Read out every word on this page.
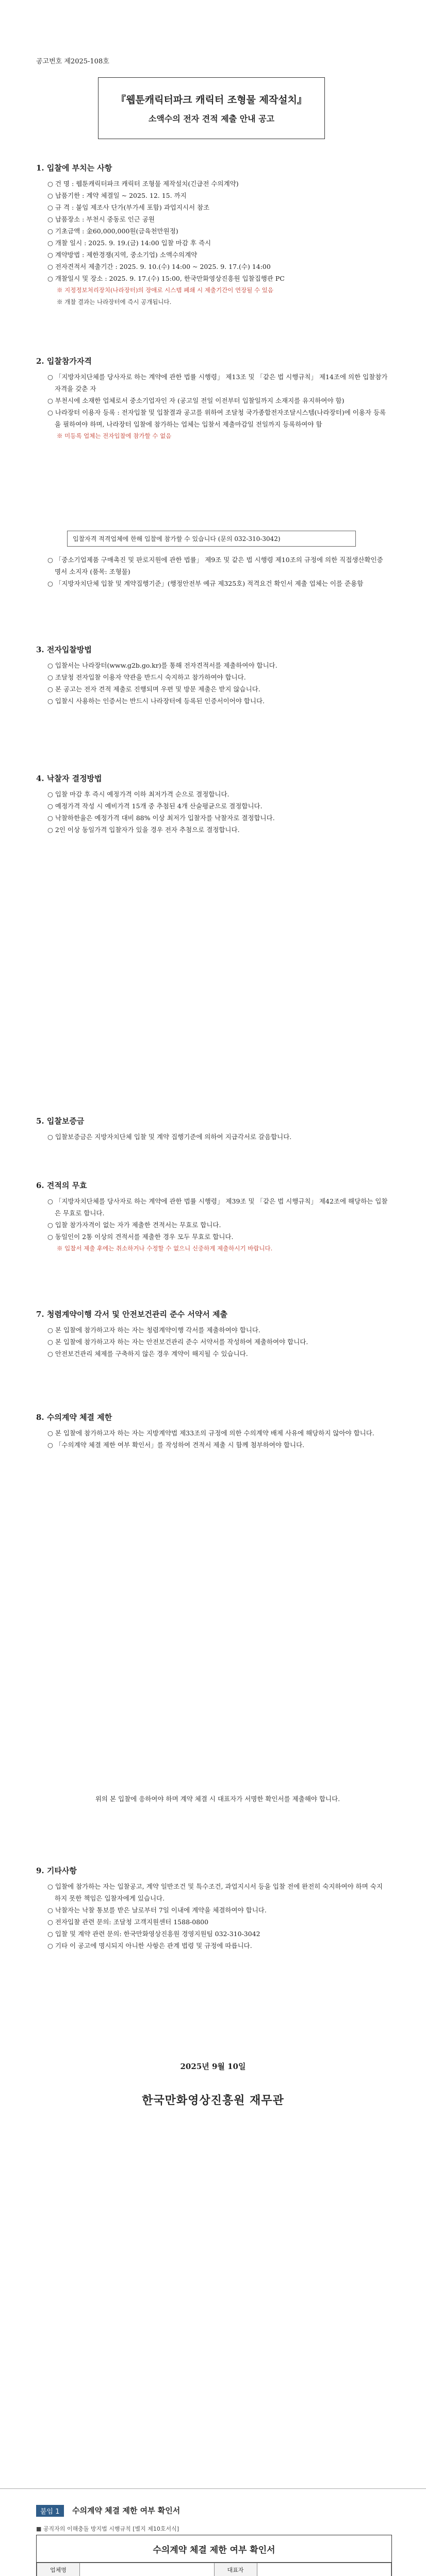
공고번호 제2025-108호
『웹툰캐릭터파크 캐릭터 조형물 제작설치』
소액수의 전자 견적 제출 안내 공고
1. 입찰에 부치는 사항

○ 건 명 : 웹툰캐릭터파크 캐릭터 조형물 제작설치(긴급전 수의계약)

○ 납품기한 : 계약 체결일 ~ 2025. 12. 15. 까지

○ 규 격 : 붙임 제조사 단가(부가세 포함) 과업지시서 참조

○ 납품장소 : 부천시 중동로 인근 공원

○ 기초금액 : 金60,000,000원(금육천만원정)

○ 개찰 일시 : 2025. 9. 19.(금) 14:00 입찰 마감 후 즉시

○ 계약방법 : 제한경쟁(지역, 중소기업) 소액수의계약

○ 전자견적서 제출기간 : 2025. 9. 10.(수) 14:00 ~ 2025. 9. 17.(수) 14:00

○ 개찰일시 및 장소 : 2025. 9. 17.(수) 15:00, 한국만화영상진흥원 입찰집행관 PC

※ 지정정보처리장치(나라장터)의 장애로 시스템 폐쇄 시 제출기간이 연장될 수 있음

※ 개찰 결과는 나라장터에 즉시 공개됩니다.

2. 입찰참가자격

○ 「지방자치단체를 당사자로 하는 계약에 관한 법률 시행령」 제13조 및 「같은 법 시행규칙」 제14조에 의한 입찰참가 자격을 갖춘 자

○ 부천시에 소재한 업체로서 중소기업자인 자 (공고일 전일 이전부터 입찰일까지 소재지를 유지하여야 함)

○ 나라장터 이용자 등록 : 전자입찰 및 입찰결과 공고를 위하여 조달청 국가종합전자조달시스템(나라장터)에 이용자 등록을 필하여야 하며, 나라장터 입찰에 참가하는 업체는 입찰서 제출마감일 전일까지 등록하여야 함

※ 미등록 업체는 전자입찰에 참가할 수 없음

입찰자격 적격업체에 한해 입찰에 참가할 수 있습니다 (문의 032-310-3042)

○ 「중소기업제품 구매촉진 및 판로지원에 관한 법률」 제9조 및 같은 법 시행령 제10조의 규정에 의한 직접생산확인증명서 소지자 (품목: 조형물)

○ 「지방자치단체 입찰 및 계약집행기준」(행정안전부 예규 제325호) 적격요건 확인서 제출 업체는 이를 준용함

3. 전자입찰방법

○ 입찰서는 나라장터(www.g2b.go.kr)를 통해 전자견적서를 제출하여야 합니다.

○ 조달청 전자입찰 이용자 약관을 반드시 숙지하고 참가하여야 합니다.

○ 본 공고는 전자 견적 제출로 진행되며 우편 및 방문 제출은 받지 않습니다.

○ 입찰시 사용하는 인증서는 반드시 나라장터에 등록된 인증서이어야 합니다.

4. 낙찰자 결정방법

○ 입찰 마감 후 즉시 예정가격 이하 최저가격 순으로 결정합니다.

○ 예정가격 작성 시 예비가격 15개 중 추첨된 4개 산술평균으로 결정합니다.

○ 낙찰하한율은 예정가격 대비 88% 이상 최저가 입찰자를 낙찰자로 결정합니다.

○ 2인 이상 동일가격 입찰자가 있을 경우 전자 추첨으로 결정합니다.

5. 입찰보증금

○ 입찰보증금은 지방자치단체 입찰 및 계약 집행기준에 의하여 지급각서로 갈음합니다.

6. 견적의 무효

○ 「지방자치단체를 당사자로 하는 계약에 관한 법률 시행령」 제39조 및 「같은 법 시행규칙」 제42조에 해당하는 입찰은 무효로 합니다.

○ 입찰 참가자격이 없는 자가 제출한 견적서는 무효로 합니다.

○ 동일인이 2통 이상의 견적서를 제출한 경우 모두 무효로 합니다.

※ 입찰서 제출 후에는 취소하거나 수정할 수 없으니 신중하게 제출하시기 바랍니다.

7. 청렴계약이행 각서 및 안전보건관리 준수 서약서 제출

○ 본 입찰에 참가하고자 하는 자는 청렴계약이행 각서를 제출하여야 합니다.

○ 본 입찰에 참가하고자 하는 자는 안전보건관리 준수 서약서를 작성하여 제출하여야 합니다.

○ 안전보건관리 체제를 구축하지 않은 경우 계약이 해지될 수 있습니다.

8. 수의계약 체결 제한

○ 본 입찰에 참가하고자 하는 자는 지방계약법 제33조의 규정에 의한 수의계약 배제 사유에 해당하지 않아야 합니다.

○ 「수의계약 체결 제한 여부 확인서」를 작성하여 견적서 제출 시 함께 첨부하여야 합니다.

위의 본 입찰에 응하여야 하며 계약 체결 시 대표자가 서명한 확인서를 제출해야 합니다.

9. 기타사항

○ 입찰에 참가하는 자는 입찰공고, 계약 일반조건 및 특수조건, 과업지시서 등을 입찰 전에 완전히 숙지하여야 하며 숙지하지 못한 책임은 입찰자에게 있습니다.

○ 낙찰자는 낙찰 통보를 받은 날로부터 7일 이내에 계약을 체결하여야 합니다.

○ 전자입찰 관련 문의: 조달청 고객지원센터 1588-0800

○ 입찰 및 계약 관련 문의: 한국만화영상진흥원 경영지원팀 032-310-3042

○ 기타 이 공고에 명시되지 아니한 사항은 관계 법령 및 규정에 따릅니다.

2025년 9월 10일
한국만화영상진흥원 재무관
붙임 1	수의계약 체결 제한 여부 확인서
■ 공직자의 이해충돌 방지법 시행규칙 [별지 제10호서식]
수의계약 체결 제한 여부 확인서
업체명		대표자	
